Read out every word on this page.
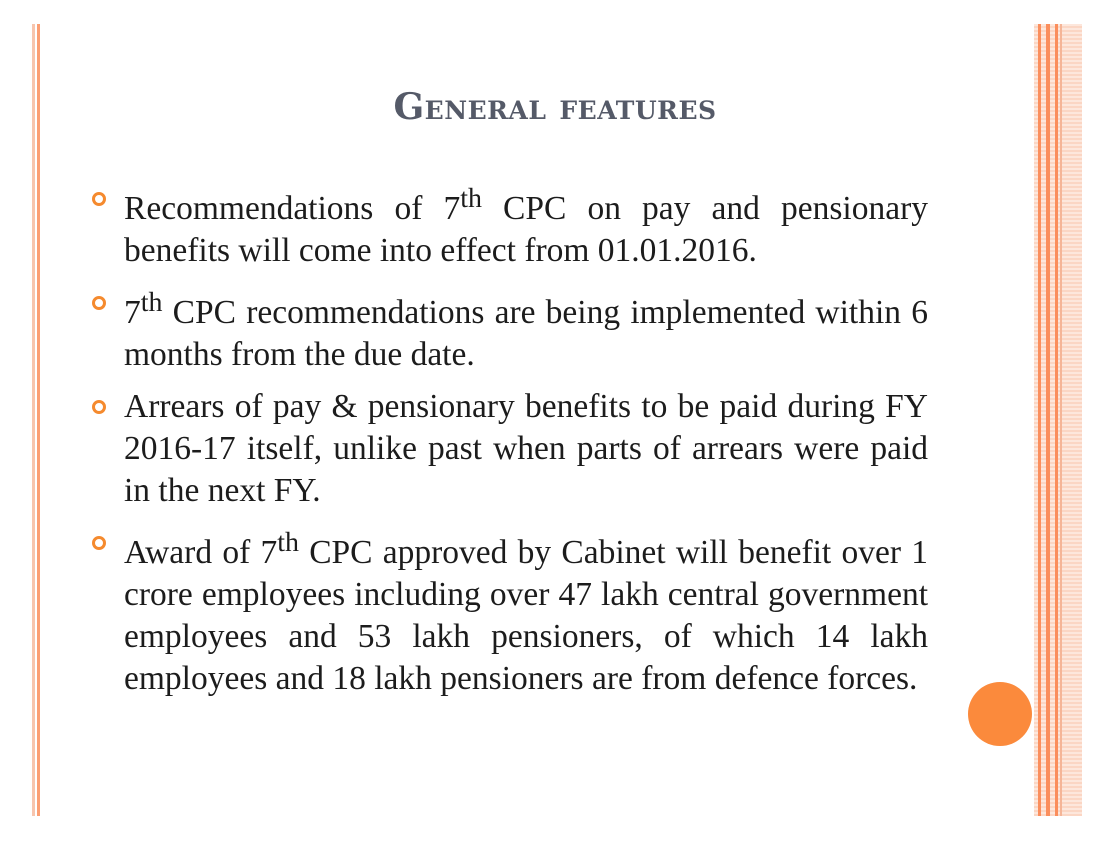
General features
Recommendations of 7th CPC on pay and pensionary benefits will come into effect from 01.01.2016.
7th CPC recommendations are being implemented within 6 months from the due date.
Arrears of pay & pensionary benefits to be paid during FY 2016-17 itself, unlike past when parts of arrears were paid in the next FY.
Award of 7th CPC approved by Cabinet will benefit over 1 crore employees including over 47 lakh central government employees and 53 lakh pensioners, of which 14 lakh employees and 18 lakh pensioners are from defence forces.
